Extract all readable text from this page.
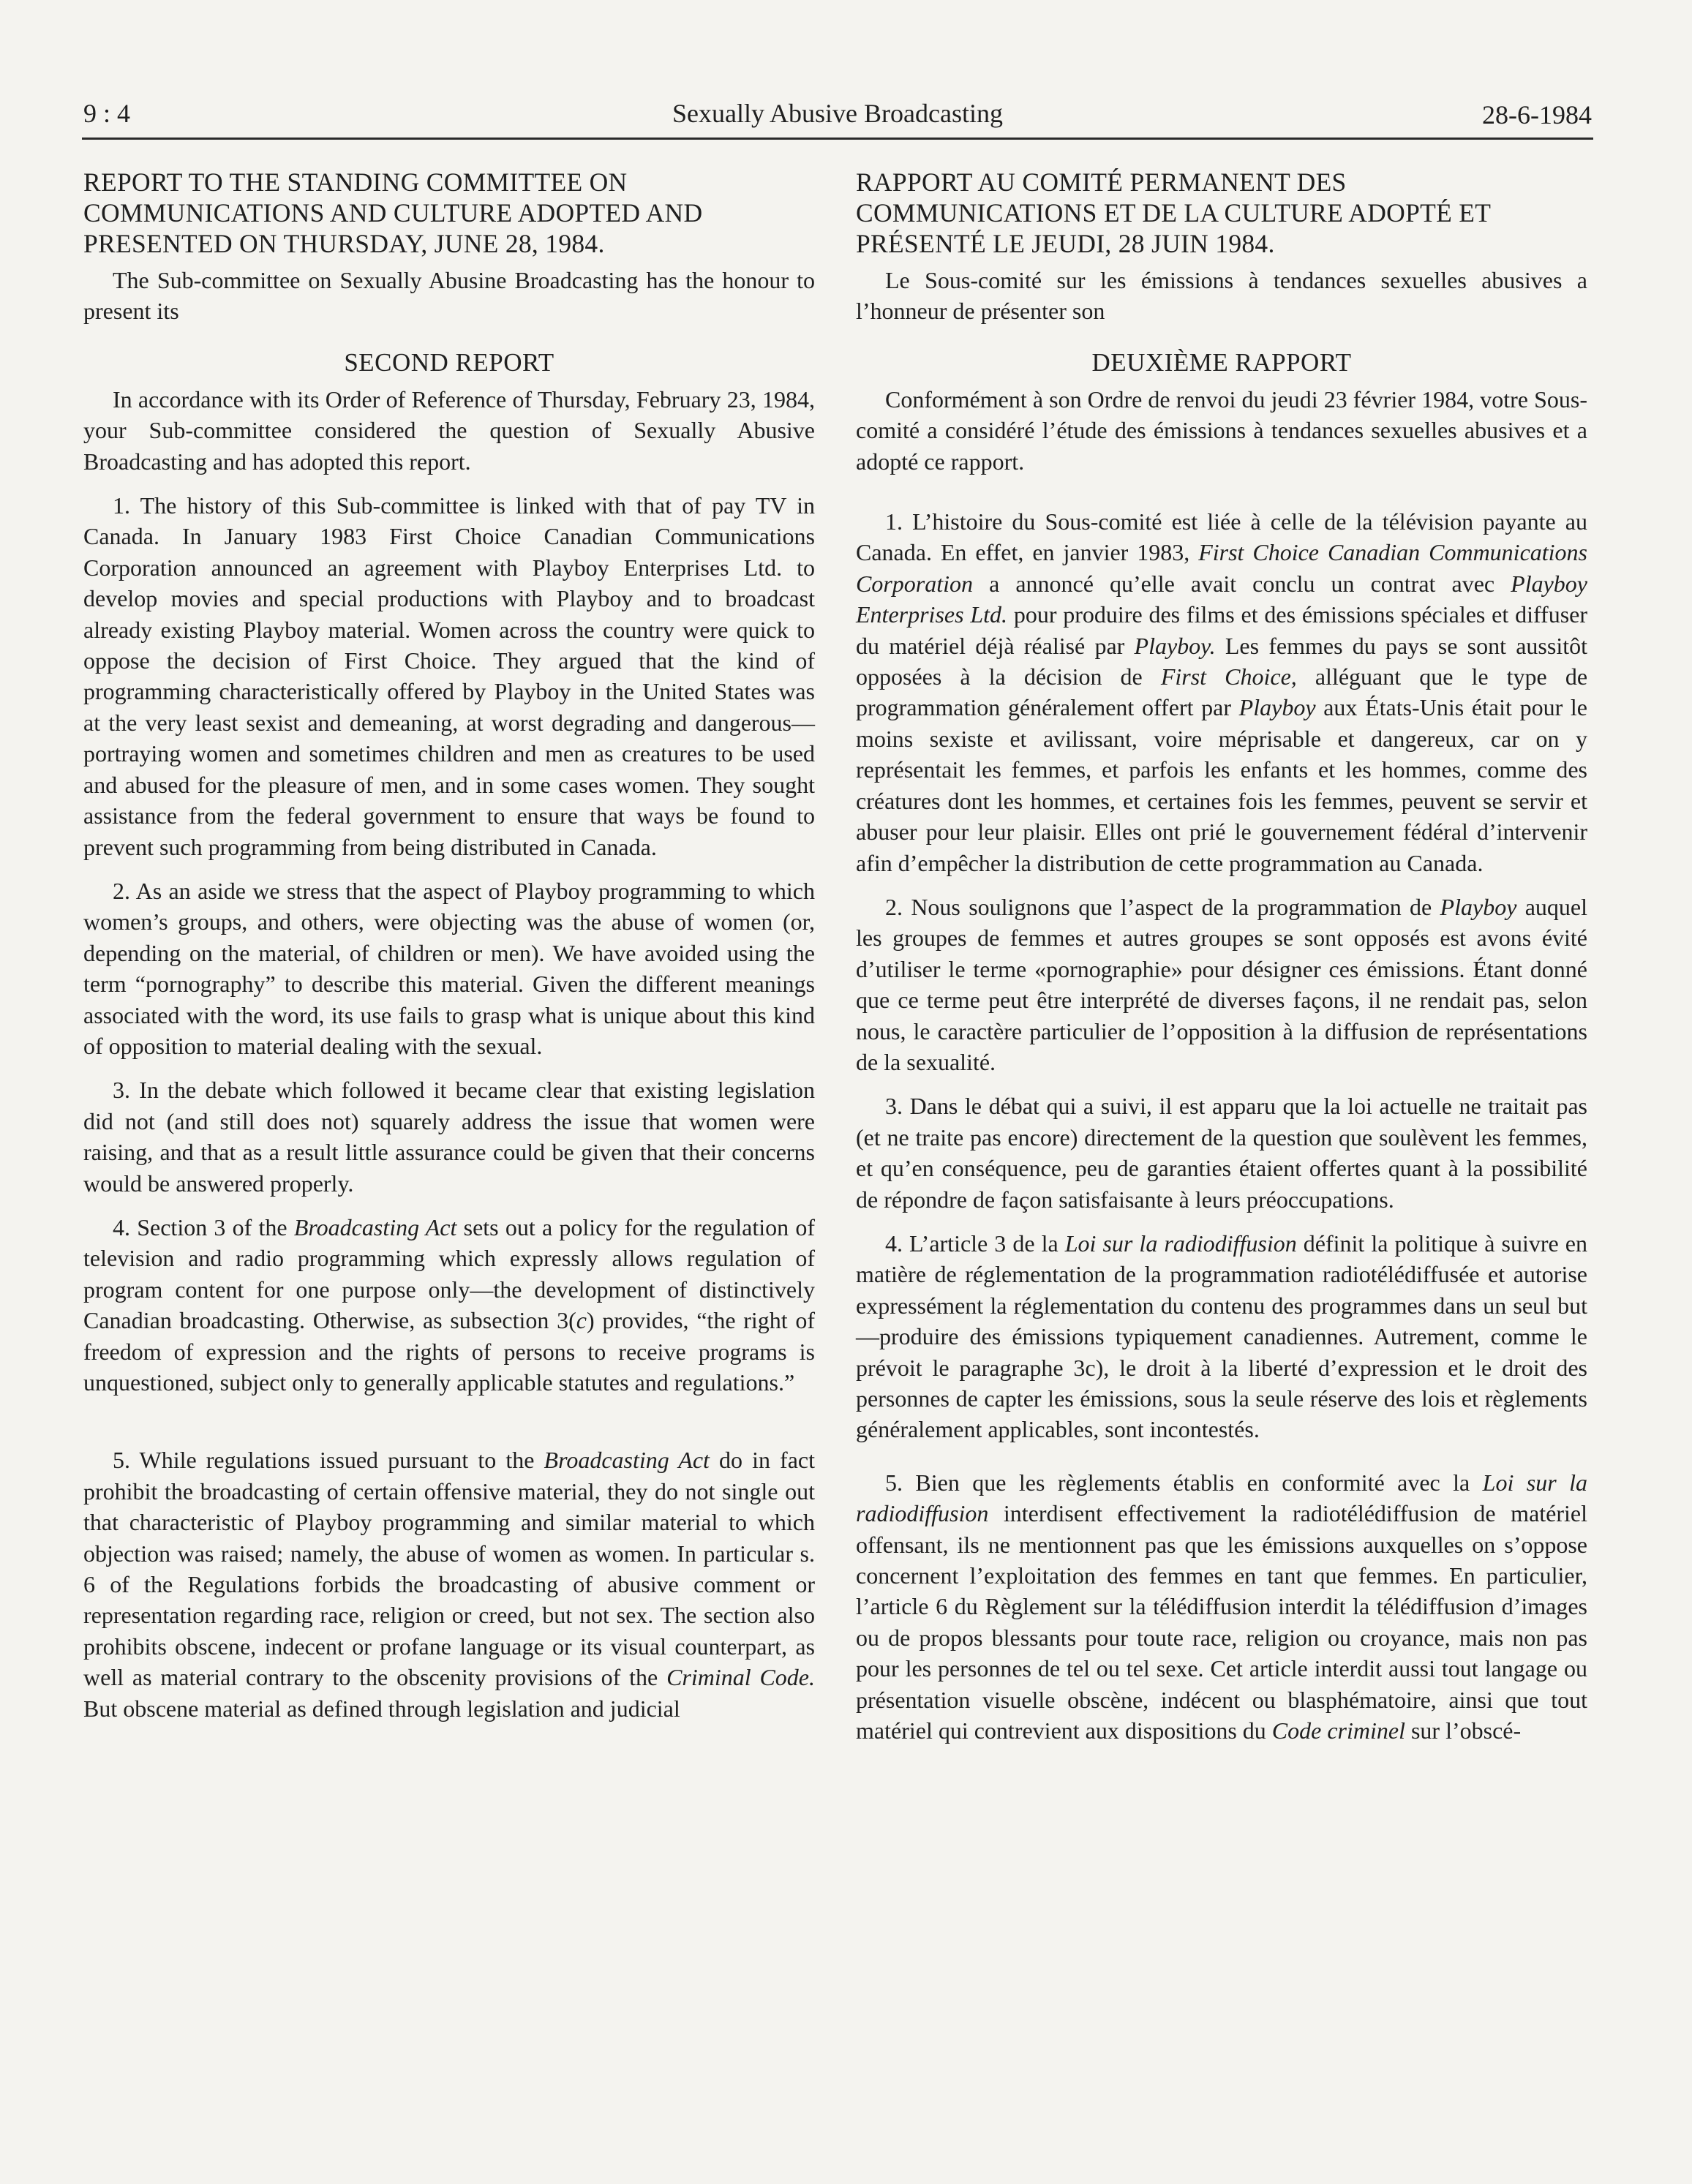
9 : 4	Sexually Abusive Broadcasting	28-6-1984

REPORT TO THE STANDING COMMITTEE ON COMMUNICATIONS AND CULTURE ADOPTED AND PRESENTED ON THURSDAY, JUNE 28, 1984.

The Sub-committee on Sexually Abusine Broadcasting has the honour to present its

SECOND REPORT

In accordance with its Order of Reference of Thursday, February 23, 1984, your Sub-committee considered the question of Sexually Abusive Broadcasting and has adopted this report.

1. The history of this Sub-committee is linked with that of pay TV in Canada. In January 1983 First Choice Canadian Communications Corporation announced an agreement with Playboy Enterprises Ltd. to develop movies and special productions with Playboy and to broadcast already existing Playboy material. Women across the country were quick to oppose the decision of First Choice. They argued that the kind of programming characteristically offered by Playboy in the United States was at the very least sexist and demeaning, at worst degrading and dangerous—portraying women and sometimes children and men as creatures to be used and abused for the pleasure of men, and in some cases women. They sought assistance from the federal government to ensure that ways be found to prevent such programming from being distributed in Canada.

2. As an aside we stress that the aspect of Playboy programming to which women’s groups, and others, were objecting was the abuse of women (or, depending on the material, of children or men). We have avoided using the term “pornography” to describe this material. Given the different meanings associated with the word, its use fails to grasp what is unique about this kind of opposition to material dealing with the sexual.

3. In the debate which followed it became clear that existing legislation did not (and still does not) squarely address the issue that women were raising, and that as a result little assurance could be given that their concerns would be answered properly.

4. Section 3 of the Broadcasting Act sets out a policy for the regulation of television and radio programming which expressly allows regulation of program content for one purpose only—the development of distinctively Canadian broadcasting. Otherwise, as subsection 3(c) provides, “the right of freedom of expression and the rights of persons to receive programs is unquestioned, subject only to generally applicable statutes and regulations.”

5. While regulations issued pursuant to the Broadcasting Act do in fact prohibit the broadcasting of certain offensive material, they do not single out that characteristic of Playboy programming and similar material to which objection was raised; namely, the abuse of women as women. In particular s. 6 of the Regulations forbids the broadcasting of abusive comment or representation regarding race, religion or creed, but not sex. The section also prohibits obscene, indecent or profane language or its visual counterpart, as well as material contrary to the obscenity provisions of the Criminal Code. But obscene material as defined through legislation and judicial

RAPPORT AU COMITÉ PERMANENT DES COMMUNICATIONS ET DE LA CULTURE ADOPTÉ ET PRÉSENTÉ LE JEUDI, 28 JUIN 1984.

Le Sous-comité sur les émissions à tendances sexuelles abusives a l’honneur de présenter son

DEUXIÈME RAPPORT

Conformément à son Ordre de renvoi du jeudi 23 février 1984, votre Sous-comité a considéré l’étude des émissions à tendances sexuelles abusives et a adopté ce rapport.

1. L’histoire du Sous-comité est liée à celle de la télévision payante au Canada. En effet, en janvier 1983, First Choice Canadian Communications Corporation a annoncé qu’elle avait conclu un contrat avec Playboy Enterprises Ltd. pour produire des films et des émissions spéciales et diffuser du matériel déjà réalisé par Playboy. Les femmes du pays se sont aussitôt opposées à la décision de First Choice, alléguant que le type de programmation généralement offert par Playboy aux États-Unis était pour le moins sexiste et avilissant, voire méprisable et dangereux, car on y représentait les femmes, et parfois les enfants et les hommes, comme des créatures dont les hommes, et certaines fois les femmes, peuvent se servir et abuser pour leur plaisir. Elles ont prié le gouvernement fédéral d’intervenir afin d’empêcher la distribution de cette programmation au Canada.

2. Nous soulignons que l’aspect de la programmation de Playboy auquel les groupes de femmes et autres groupes se sont opposés est avons évité d’utiliser le terme «pornographie» pour désigner ces émissions. Étant donné que ce terme peut être interprété de diverses façons, il ne rendait pas, selon nous, le caractère particulier de l’opposition à la diffusion de représentations de la sexualité.

3. Dans le débat qui a suivi, il est apparu que la loi actuelle ne traitait pas (et ne traite pas encore) directement de la question que soulèvent les femmes, et qu’en conséquence, peu de garanties étaient offertes quant à la possibilité de répondre de façon satisfaisante à leurs préoccupations.

4. L’article 3 de la Loi sur la radiodiffusion définit la politique à suivre en matière de réglementation de la programmation radiotélédiffusée et autorise expressément la réglementation du contenu des programmes dans un seul but—produire des émissions typiquement canadiennes. Autrement, comme le prévoit le paragraphe 3c), le droit à la liberté d’expression et le droit des personnes de capter les émissions, sous la seule réserve des lois et règlements généralement applicables, sont incontestés.

5. Bien que les règlements établis en conformité avec la Loi sur la radiodiffusion interdisent effectivement la radiotélédiffusion de matériel offensant, ils ne mentionnent pas que les émissions auxquelles on s’oppose concernent l’exploitation des femmes en tant que femmes. En particulier, l’article 6 du Règlement sur la télédiffusion interdit la télédiffusion d’images ou de propos blessants pour toute race, religion ou croyance, mais non pas pour les personnes de tel ou tel sexe. Cet article interdit aussi tout langage ou présentation visuelle obscène, indécent ou blasphématoire, ainsi que tout matériel qui contrevient aux dispositions du Code criminel sur l’obscé-
